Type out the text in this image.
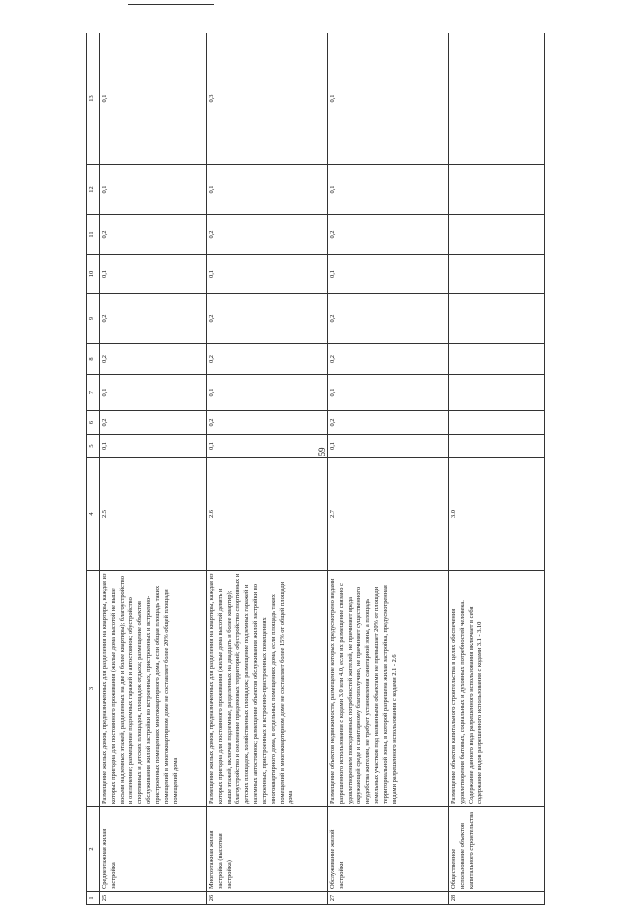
59
1	2	3	4	5	6	7	8	9	10	11	12	13
25	Среднеэтажная жилая застройка	Размещение жилых домов, предназначенных для разделения на квартиры, каждая из которых пригодна для постоянного проживания (жилые дома высотой не выше восьми надземных этажей, разделенных на две и более квартиры); благоустройство и озеленение; размещение подземных гаражей и автостоянок; обустройство спортивных и детских площадок, площадок отдыха; размещение объектов обслуживания жилой застройки во встроенных, пристроенных и встроенно-пристроенных помещениях многоквартирного дома, если общая площадь таких помещений в многоквартирном доме не составляет более 20% общей площади помещений дома	2.5	0,1	0,2	0,1	0,2	0,2	0,1	0,2	0,1	0,1
26	Многоэтажная жилая застройка (высотная застройка)	Размещение жилых домов, предназначенных для разделения на квартиры, каждая из которых пригодна для постоянного проживания (жилые дома высотой девять и выше этажей, включая подземные, разделенных на двадцать и более квартир); благоустройство и озеленение придомовых территорий; обустройство спортивных и детских площадок, хозяйственных площадок; размещение подземных гаражей и наземных автостоянок; размещение объектов обслуживания жилой застройки во встроенных, пристроенных и встроенно-пристроенных помещениях многоквартирного дома, в отдельных помещениях дома, если площадь таких помещений в многоквартирном доме не составляет более 15% от общей площади дома	2.6	0,1	0,2	0,1	0,2	0,2	0,1	0,2	0,1	0,3
27	Обслуживание жилой застройки	Размещение объектов недвижимости, размещение которых предусмотрено видами разрешенного использования с кодами 3.0 или 4.0, если их размещение связано с удовлетворением повседневных потребностей жителей, не причиняет вреда окружающей среде и санитарному благополучию, не причиняет существенного неудобства жителям, не требует установления санитарной зоны, а площадь земельных участков под названными объектами не превышает 20% от площади территориальной зоны, в которой разрешена жилая застройка, предусмотренная видами разрешенного использования с кодами 2.1 - 2.6	2.7	0,1	0,2	0,1	0,2	0,2	0,1	0,2	0,1	0,1
28	Общественное использование объектов капитального строительства	Размещение объектов капитального строительства в целях обеспечения удовлетворения бытовых, социальных и духовных потребностей человека. Содержание данного вида разрешенного использования включает в себя содержание видов разрешенного использования с кодами 3.1 - 3.10	3.0									
